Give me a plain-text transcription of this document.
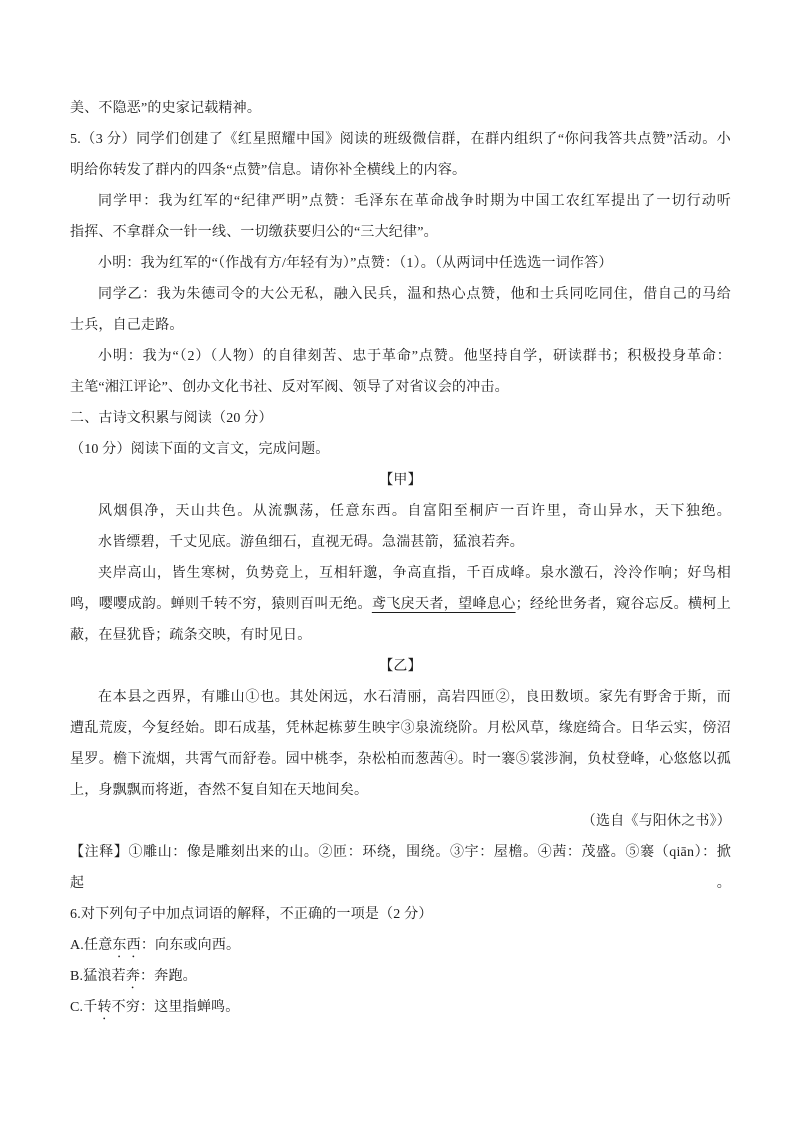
美、不隐恶”的史家记载精神。
5.（3 分）同学们创建了《红星照耀中国》阅读的班级微信群，在群内组织了“你问我答共点赞”活动。小
明给你转发了群内的四条“点赞”信息。请你补全横线上的内容。
同学甲：我为红军的“纪律严明”点赞：毛泽东在革命战争时期为中国工农红军提出了一切行动听
指挥、不拿群众一针一线、一切缴获要归公的“三大纪律”。
小明：我为红军的“（作战有方/年轻有为）”点赞：（1）。（从两词中任选选一词作答）
同学乙：我为朱德司令的大公无私，融入民兵，温和热心点赞，他和士兵同吃同住，借自己的马给
士兵，自己走路。
小明：我为“（2）（人物）的自律刻苦、忠于革命”点赞。他坚持自学，研读群书；积极投身革命：
主笔“湘江评论”、创办文化书社、反对军阀、领导了对省议会的冲击。
二、古诗文积累与阅读（20 分）
（10 分）阅读下面的文言文，完成问题。
【甲】
风烟俱净，天山共色。从流飘荡，任意东西。自富阳至桐庐一百许里，奇山异水，天下独绝。
水皆缥碧，千丈见底。游鱼细石，直视无碍。急湍甚箭，猛浪若奔。
夹岸高山，皆生寒树，负势竞上，互相轩邈，争高直指，千百成峰。泉水激石，泠泠作响；好鸟相
鸣，嘤嘤成韵。蝉则千转不穷，猿则百叫无绝。鸢飞戾天者，望峰息心；经纶世务者，窥谷忘反。横柯上
蔽，在昼犹昏；疏条交映，有时见日。
【乙】
在本县之西界，有雕山①也。其处闲远，水石清丽，高岩四匝②，良田数顷。家先有野舍于斯，而
遭乱荒废，今复经始。即石成基，凭林起栋萝生映宇③泉流绕阶。月松风草，缘庭绮合。日华云实，傍沼
星罗。檐下流烟，共霄气而舒卷。园中桃李，杂松柏而葱茜④。时一褰⑤裳涉涧，负杖登峰，心悠悠以孤
上，身飘飘而将逝，杳然不复自知在天地间矣。
（选自《与阳休之书》）
【注释】①雕山：像是雕刻出来的山。②匝：环绕，围绕。③宇：屋檐。④茜：茂盛。⑤褰（qiān）：掀起。
6.对下列句子中加点词语的解释，不正确的一项是（2 分）
A.任意东西：向东或向西。
B.猛浪若奔：奔跑。
C.千转不穷：这里指蝉鸣。
